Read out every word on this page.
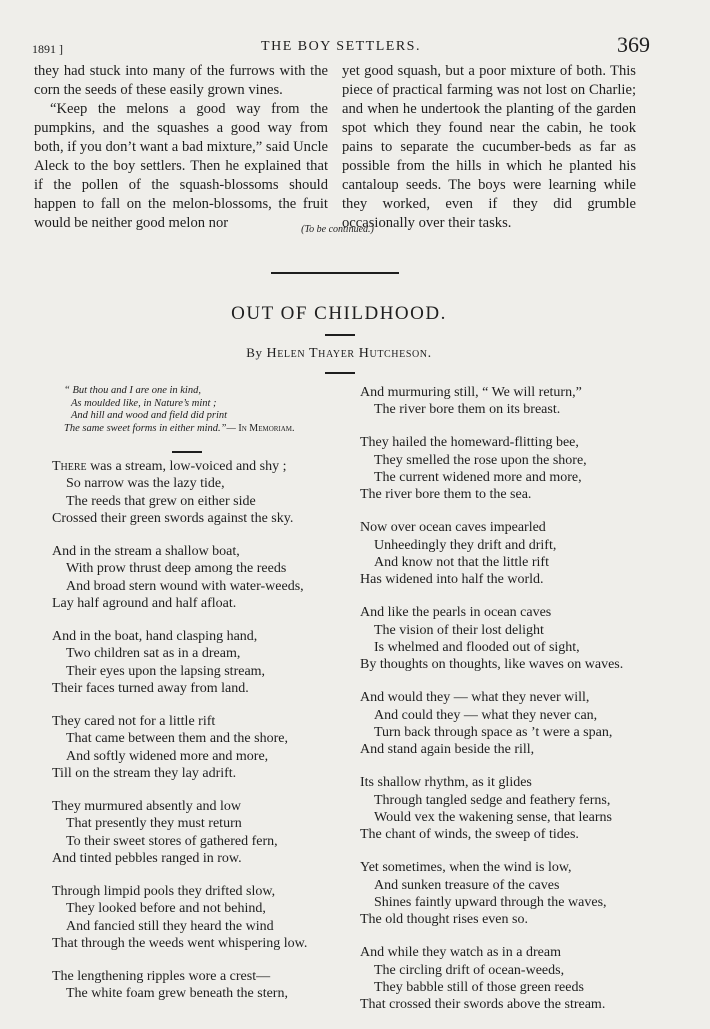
1891 ]	THE BOY SETTLERS.	369

they had stuck into many of the furrows with the corn the seeds of these easily grown vines.

“Keep the melons a good way from the pumpkins, and the squashes a good way from both, if you don’t want a bad mixture,” said Uncle Aleck to the boy settlers. Then he explained that if the pollen of the squash-blossoms should happen to fall on the melon-blossoms, the fruit would be neither good melon nor

yet good squash, but a poor mixture of both. This piece of practical farming was not lost on Charlie; and when he undertook the planting of the garden spot which they found near the cabin, he took pains to separate the cucumber-beds as far as possible from the hills in which he planted his cantaloup seeds. The boys were learning while they worked, even if they did grumble occasionally over their tasks.

(To be continued.)
OUT OF CHILDHOOD.
By Helen Thayer Hutcheson.
“ But thou and I are one in kind,
As moulded like, in Nature’s mint ;
And hill and wood and field did print
The same sweet forms in either mind.”— In Memoriam.
There was a stream, low-voiced and shy ;
So narrow was the lazy tide,
The reeds that grew on either side
Crossed their green swords against the sky.
And in the stream a shallow boat,
With prow thrust deep among the reeds
And broad stern wound with water-weeds,
Lay half aground and half afloat.
And in the boat, hand clasping hand,
Two children sat as in a dream,
Their eyes upon the lapsing stream,
Their faces turned away from land.
They cared not for a little rift
That came between them and the shore,
And softly widened more and more,
Till on the stream they lay adrift.
They murmured absently and low
That presently they must return
To their sweet stores of gathered fern,
And tinted pebbles ranged in row.
Through limpid pools they drifted slow,
They looked before and not behind,
And fancied still they heard the wind
That through the weeds went whispering low.
The lengthening ripples wore a crest—
The white foam grew beneath the stern,
And murmuring still, “ We will return,”
The river bore them on its breast.
They hailed the homeward-flitting bee,
They smelled the rose upon the shore,
The current widened more and more,
The river bore them to the sea.
Now over ocean caves impearled
Unheedingly they drift and drift,
And know not that the little rift
Has widened into half the world.
And like the pearls in ocean caves
The vision of their lost delight
Is whelmed and flooded out of sight,
By thoughts on thoughts, like waves on waves.
And would they — what they never will,
And could they — what they never can,
Turn back through space as ’t were a span,
And stand again beside the rill,
Its shallow rhythm, as it glides
Through tangled sedge and feathery ferns,
Would vex the wakening sense, that learns
The chant of winds, the sweep of tides.
Yet sometimes, when the wind is low,
And sunken treasure of the caves
Shines faintly upward through the waves,
The old thought rises even so.
And while they watch as in a dream
The circling drift of ocean-weeds,
They babble still of those green reeds
That crossed their swords above the stream.
